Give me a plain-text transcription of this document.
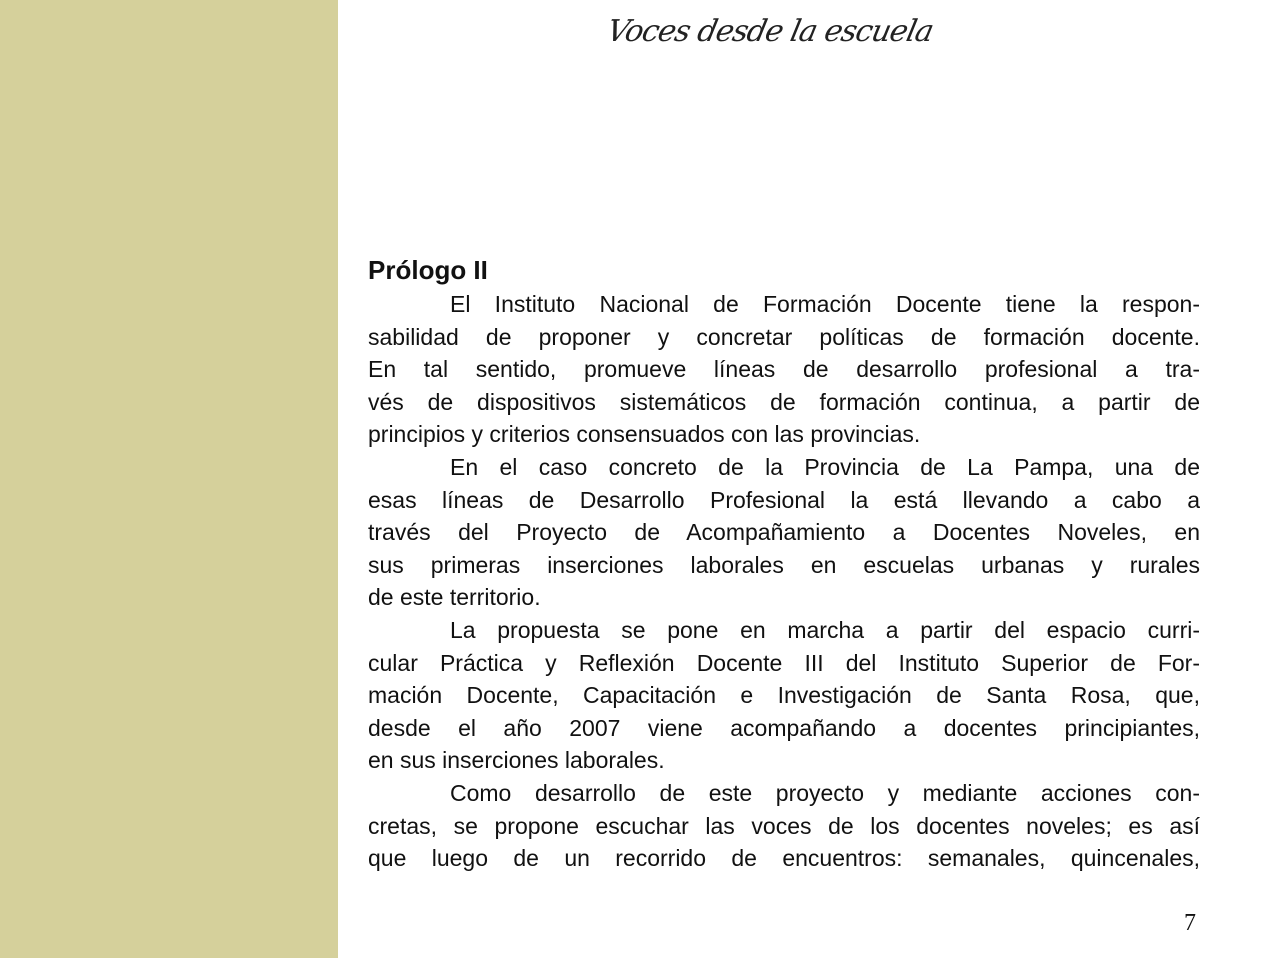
Voces desde la escuela
Prólogo II
El Instituto Nacional de Formación Docente tiene la respon-
sabilidad de proponer y concretar políticas de formación docente.
En tal sentido, promueve líneas de desarrollo profesional a tra-
vés de dispositivos sistemáticos de formación continua, a partir de
principios y criterios consensuados con las provincias.
En el caso concreto de la Provincia de La Pampa, una de
esas líneas de Desarrollo Profesional la está llevando a cabo a
través del Proyecto de Acompañamiento a Docentes Noveles, en
sus primeras inserciones laborales en escuelas urbanas y rurales
de este territorio.
La propuesta se pone en marcha a partir del espacio curri-
cular Práctica y Reflexión Docente III del Instituto Superior de For-
mación Docente, Capacitación e Investigación de Santa Rosa, que,
desde el año 2007 viene acompañando a docentes principiantes,
en sus inserciones laborales.
Como desarrollo de este proyecto y mediante acciones con-
cretas, se propone escuchar las voces de los docentes noveles; es así
que luego de un recorrido de encuentros: semanales, quincenales,
7
